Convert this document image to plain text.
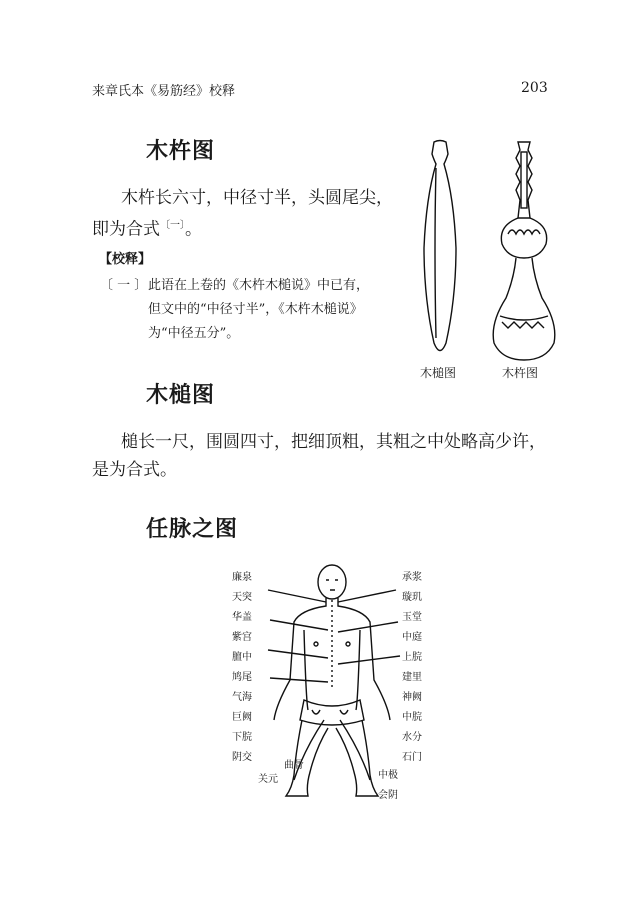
来章氏本《易筋经》校释	203
木杵图
木杵长六寸，中径寸半，头圆尾尖，
即为合式$^{〔一〕}$。
【校释】
〔 一 〕 此语在上卷的《木杵木槌说》中已有，
但文中的“中径寸半”，《木杵木槌说》
为“中径五分”。
木槌图	木杵图
木槌图
槌长一尺，围圆四寸，把细顶粗，其粗之中处略高少许，
是为合式。
任脉之图
廉泉
天突
华盖
紫宫
膻中
鸠尾
气海
承浆
璇玑
玉堂
中庭
上脘
建里
神阙
巨阙	中脘
下脘	水分
阴交	石门
关元	中极
曲骨
会阴
